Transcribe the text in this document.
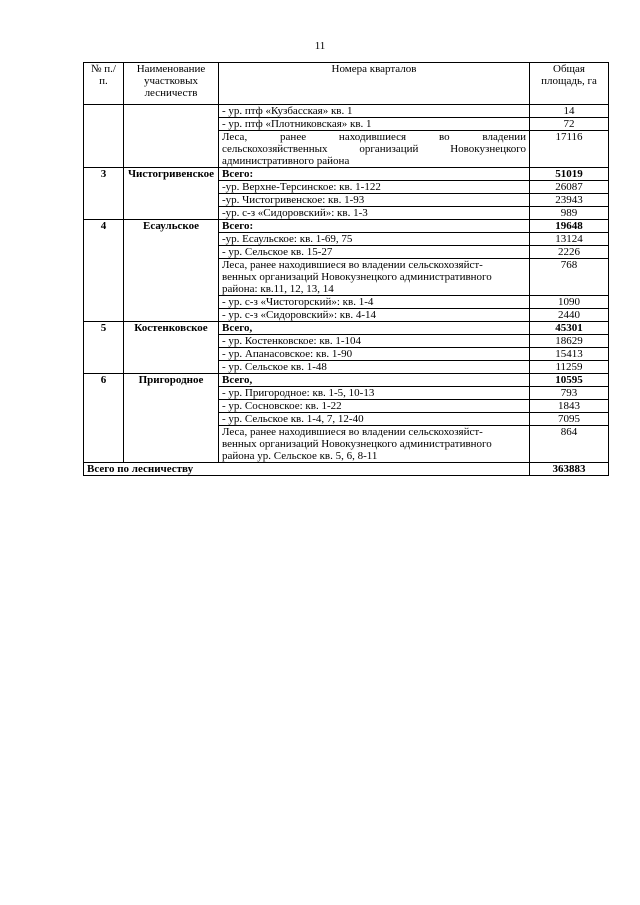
11
№ п./п.	Наименование участковых лесничеств	Номера кварталов	Общая площадь, га
		- ур. птф «Кузбасская» кв. 1	14
		- ур. птф «Плотниковская» кв. 1	72
		Леса, ранее находившиеся во владении
сельскохозяйственных организаций Новокузнецкого

административного района	17116
3	Чистогривенское	Всего:	51019
		-ур. Верхне-Терсинское: кв. 1-122	26087
		-ур. Чистогривенское: кв. 1-93	23943
		-ур. с-з «Сидоровский»: кв. 1-3	989
4	Есаульское	Всего:	19648
		-ур. Есаульское: кв. 1-69, 75	13124
		- ур. Сельское кв. 15-27	2226
		Леса, ранее находившиеся во владении сельскохозяйст-
венных организаций Новокузнецкого административного
района: кв.11, 12, 13, 14	768
		- ур. с-з «Чистогорский»: кв. 1-4	1090
		- ур. с-з «Сидоровский»: кв. 4-14	2440
5	Костенковское	Всего,	45301
		- ур. Костенковское: кв. 1-104	18629
		- ур. Апанасовское: кв. 1-90	15413
		- ур. Сельское кв. 1-48	11259
6	Пригородное	Всего,	10595
		- ур. Пригородное: кв. 1-5, 10-13	793
		- ур. Сосновское: кв. 1-22	1843
		- ур. Сельское кв. 1-4, 7, 12-40	7095
		Леса, ранее находившиеся во владении сельскохозяйст-
венных организаций Новокузнецкого административного
района ур. Сельское кв. 5, 6, 8-11	864
Всего по лесничеству			363883
